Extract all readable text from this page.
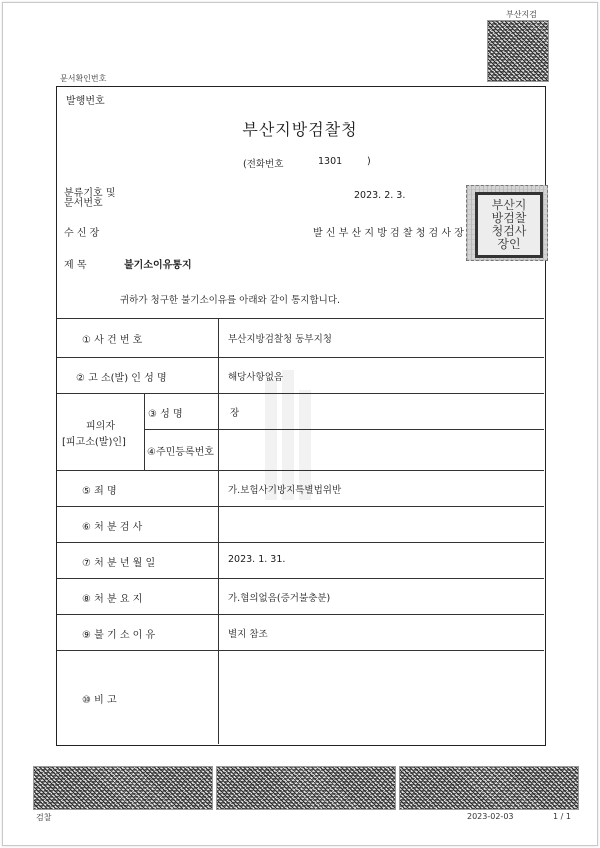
부산지검
문서확인번호
발행번호
부산지방검찰청
(전화번호	1301	)
분류기호 및
문서번호
2023. 2. 3.
수 신 장	발 신 부 산 지 방 검 찰 청 검 사 장
부산지방검찰청검사장인
제 목	불기소이유통지
귀하가 청구한 불기소이유를 아래와 같이 통지합니다.
① 사 건 번 호	부산지방검찰청 동부지청
② 고 소(발) 인 성 명	해당사항없음
피의자
[피고소(발)인]
③ 성 명	장
④주민등록번호
⑤ 죄 명	가.보험사기방지특별법위반
⑥ 처 분 검 사
⑦ 처 분 년 월 일	2023. 1. 31.
⑧ 처 분 요 지	가.혐의없음(증거불충분)
⑨ 불 기 소 이 유	별지 참조
⑩ 비 고
검찰	2023-02-03	1 / 1
